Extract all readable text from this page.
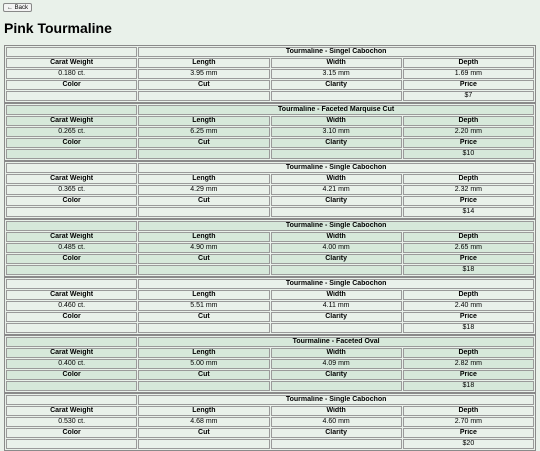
← Back
Pink Tourmaline
	Tourmaline - Singel Cabochon		
Carat Weight	Length	Width	Depth
0.180 ct.	3.95 mm	3.15 mm	1.69 mm
Color	Cut	Clarity	Price
			$7
	Tourmaline - Faceted Marquise Cut		
Carat Weight	Length	Width	Depth
0.265 ct.	6.25 mm	3.10 mm	2.20 mm
Color	Cut	Clarity	Price
			$10
	Tourmaline - Single Cabochon		
Carat Weight	Length	Width	Depth
0.365 ct.	4.29 mm	4.21 mm	2.32 mm
Color	Cut	Clarity	Price
			$14
	Tourmaline - Single Cabochon		
Carat Weight	Length	Width	Depth
0.485 ct.	4.90 mm	4.00 mm	2.65 mm
Color	Cut	Clarity	Price
			$18
	Tourmaline - Single Cabochon		
Carat Weight	Length	Width	Depth
0.460 ct.	5.51 mm	4.11 mm	2.40 mm
Color	Cut	Clarity	Price
			$18
	Tourmaline - Faceted Oval		
Carat Weight	Length	Width	Depth
0.400 ct.	5.00 mm	4.09 mm	2.82 mm
Color	Cut	Clarity	Price
			$18
	Tourmaline - Single Cabochon		
Carat Weight	Length	Width	Depth
0.530 ct.	4.68 mm	4.60 mm	2.70 mm
Color	Cut	Clarity	Price
			$20
